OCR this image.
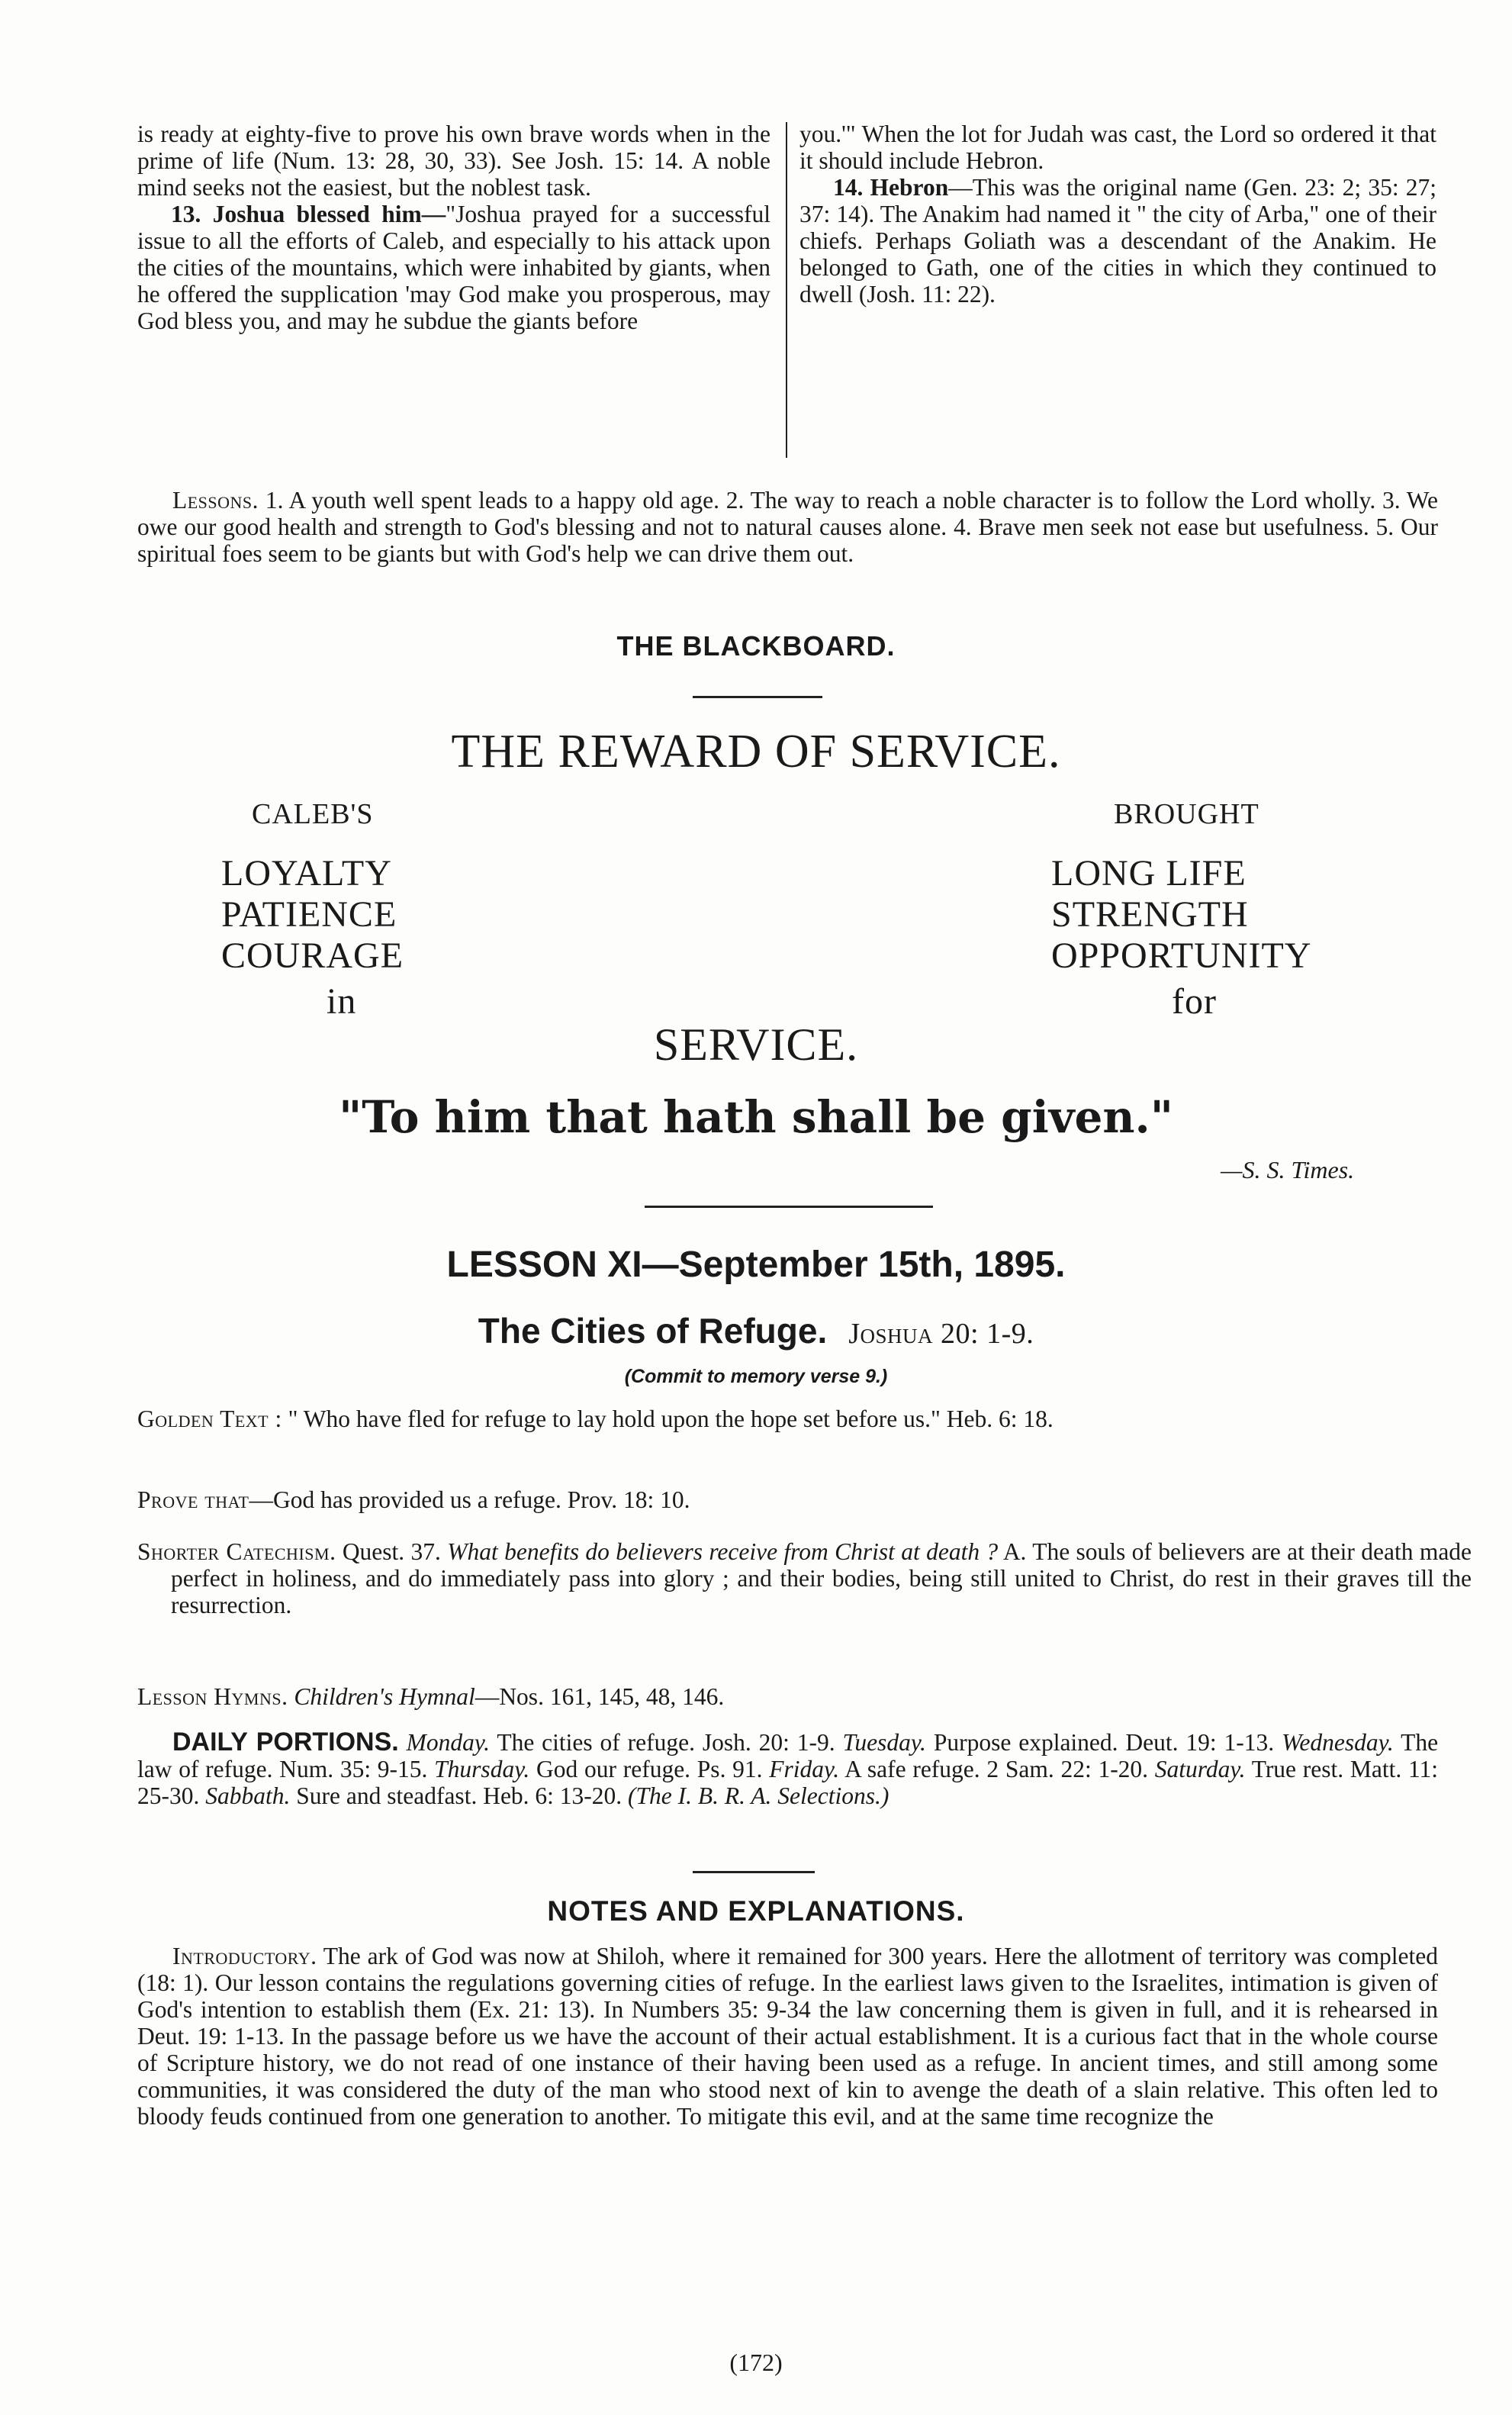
is ready at eighty-five to prove his own brave words when in the prime of life (Num. 13: 28, 30, 33). See Josh. 15: 14. A noble mind seeks not the easiest, but the noblest task.
13. Joshua blessed him—"Joshua prayed for a successful issue to all the efforts of Caleb, and especially to his attack upon the cities of the mountains, which were inhabited by giants, when he offered the supplication 'may God make you prosperous, may God bless you, and may he subdue the giants before
you.'" When the lot for Judah was cast, the Lord so ordered it that it should include Hebron.
14. Hebron—This was the original name (Gen. 23: 2; 35: 27; 37: 14). The Anakim had named it " the city of Arba," one of their chiefs. Perhaps Goliath was a descendant of the Anakim. He belonged to Gath, one of the cities in which they continued to dwell (Josh. 11: 22).
Lessons. 1. A youth well spent leads to a happy old age. 2. The way to reach a noble character is to follow the Lord wholly. 3. We owe our good health and strength to God's blessing and not to natural causes alone. 4. Brave men seek not ease but usefulness. 5. Our spiritual foes seem to be giants but with God's help we can drive them out.
THE BLACKBOARD.
THE REWARD OF SERVICE.
CALEB'S
LOYALTY
PATIENCE
COURAGE
in
BROUGHT
LONG LIFE
STRENGTH
OPPORTUNITY
for
SERVICE.
"To him that hath shall be given."
—S. S. Times.
LESSON XI—September 15th, 1895.
The Cities of Refuge. Joshua 20: 1-9.
(Commit to memory verse 9.)
Golden Text : " Who have fled for refuge to lay hold upon the hope set before us." Heb. 6: 18.
Prove that—God has provided us a refuge. Prov. 18: 10.
Shorter Catechism. Quest. 37. What benefits do believers receive from Christ at death ? A. The souls of believers are at their death made perfect in holiness, and do immediately pass into glory ; and their bodies, being still united to Christ, do rest in their graves till the resurrection.
Lesson Hymns. Children's Hymnal—Nos. 161, 145, 48, 146.
DAILY PORTIONS. Monday. The cities of refuge. Josh. 20: 1-9. Tuesday. Purpose explained. Deut. 19: 1-13. Wednesday. The law of refuge. Num. 35: 9-15. Thursday. God our refuge. Ps. 91. Friday. A safe refuge. 2 Sam. 22: 1-20. Saturday. True rest. Matt. 11: 25-30. Sabbath. Sure and steadfast. Heb. 6: 13-20. (The I. B. R. A. Selections.)
NOTES AND EXPLANATIONS.
Introductory. The ark of God was now at Shiloh, where it remained for 300 years. Here the allotment of territory was completed (18: 1). Our lesson contains the regulations governing cities of refuge. In the earliest laws given to the Israelites, intimation is given of God's intention to establish them (Ex. 21: 13). In Numbers 35: 9-34 the law concerning them is given in full, and it is rehearsed in Deut. 19: 1-13. In the passage before us we have the account of their actual establishment. It is a curious fact that in the whole course of Scripture history, we do not read of one instance of their having been used as a refuge. In ancient times, and still among some communities, it was considered the duty of the man who stood next of kin to avenge the death of a slain relative. This often led to bloody feuds continued from one generation to another. To mitigate this evil, and at the same time recognize the
(172)
